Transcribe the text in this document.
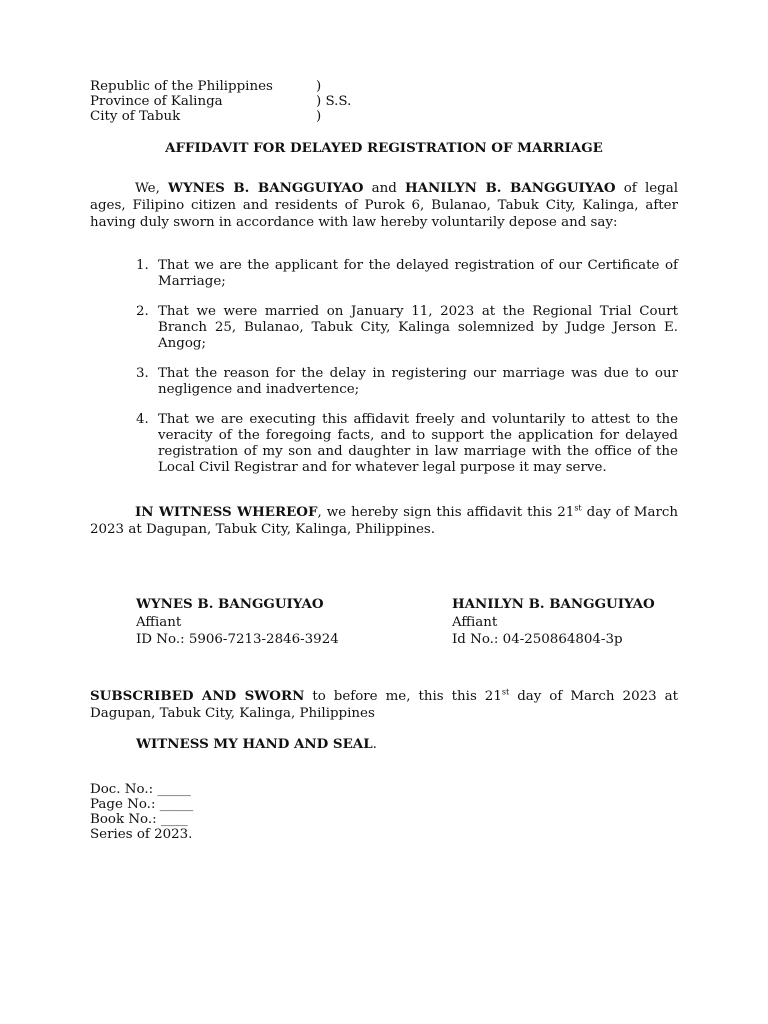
Republic of the Philippines	)
Province of Kalinga	) S.S.
City of Tabuk	)
AFFIDAVIT FOR DELAYED REGISTRATION OF MARRIAGE
We, WYNES B. BANGGUIYAO and HANILYN B. BANGGUIYAO of legal ages, Filipino citizen and residents of Purok 6, Bulanao, Tabuk City, Kalinga, after having duly sworn in accordance with law hereby voluntarily depose and say:
1. That we are the applicant for the delayed registration of our Certificate of Marriage;
2. That we were married on January 11, 2023 at the Regional Trial Court Branch 25, Bulanao, Tabuk City, Kalinga solemnized by Judge Jerson E. Angog;
3. That the reason for the delay in registering our marriage was due to our negligence and inadvertence;
4. That we are executing this affidavit freely and voluntarily to attest to the veracity of the foregoing facts, and to support the application for delayed registration of my son and daughter in law marriage with the office of the Local Civil Registrar and for whatever legal purpose it may serve.
IN WITNESS WHEREOF, we hereby sign this affidavit this 21st day of March 2023 at Dagupan, Tabuk City, Kalinga, Philippines.
WYNES B. BANGGUIYAO
Affiant
ID No.: 5906-7213-2846-3924
HANILYN B. BANGGUIYAO
Affiant
Id No.: 04-250864804-3p
SUBSCRIBED AND SWORN to before me, this this 21st day of March 2023 at Dagupan, Tabuk City, Kalinga, Philippines
WITNESS MY HAND AND SEAL.
Doc. No.: _____
Page No.: _____
Book No.: ____
Series of 2023.
